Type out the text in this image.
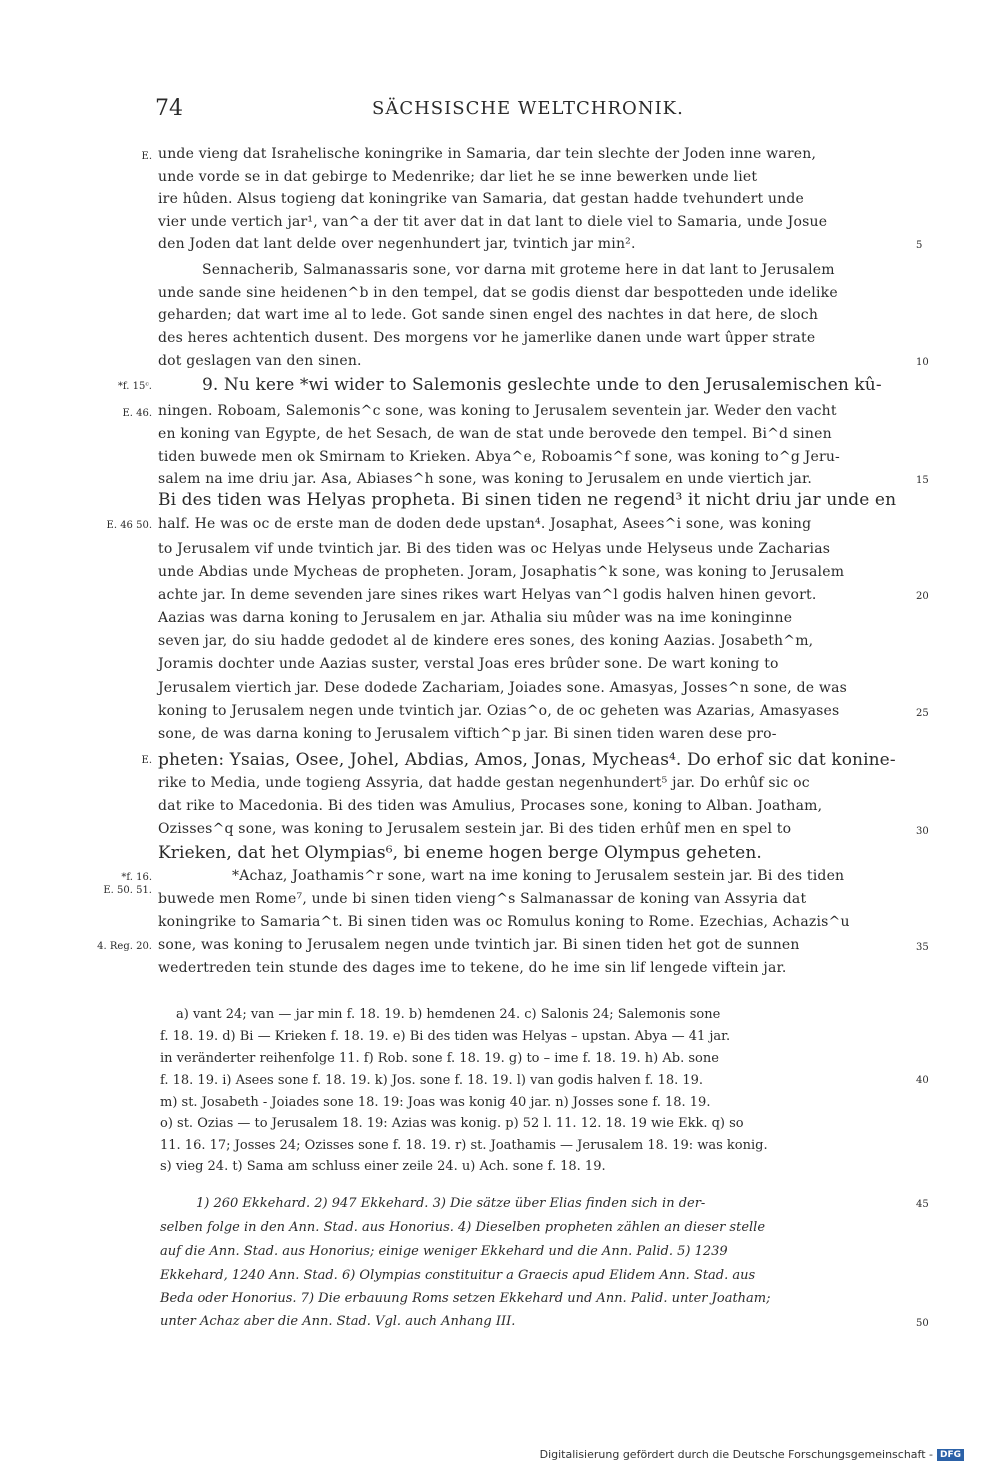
74	SÄCHSISCHE WELTCHRONIK.
unde vieng dat Israhelische koningrike in Samaria, dar tein slechte der Joden inne waren,
unde vorde se in dat gebirge to Medenrike; dar liet he se inne bewerken unde liet
ire hûden. Alsus togieng dat koningrike van Samaria, dat gestan hadde tvehundert unde
vier unde vertich jar¹, van^a der tit aver dat in dat lant to diele viel to Samaria, unde Josue
den Joden dat lant delde over negenhundert jar, tvintich jar min².
Sennacherib, Salmanassaris sone, vor darna mit groteme here in dat lant to Jerusalem
unde sande sine heidenen^b in den tempel, dat se godis dienst dar bespotteden unde idelike
geharden; dat wart ime al to lede. Got sande sinen engel des nachtes in dat here, de sloch
des heres achtentich dusent. Des morgens vor he jamerlike danen unde wart ûpper strate
dot geslagen van den sinen.
9. Nu kere *wi wider to Salemonis geslechte unde to den Jerusalemischen kû-
ningen. Roboam, Salemonis^c sone, was koning to Jerusalem seventein jar. Weder den vacht
en koning van Egypte, de het Sesach, de wan de stat unde berovede den tempel. Bi^d sinen
tiden buwede men ok Smirnam to Krieken. Abya^e, Roboamis^f sone, was koning to^g Jeru-
salem na ime driu jar. Asa, Abiases^h sone, was koning to Jerusalem en unde viertich jar.
Bi des tiden was Helyas propheta. Bi sinen tiden ne regend³ it nicht driu jar unde en
half. He was oc de erste man de doden dede upstan⁴. Josaphat, Asees^i sone, was koning
to Jerusalem vif unde tvintich jar. Bi des tiden was oc Helyas unde Helyseus unde Zacharias
unde Abdias unde Mycheas de propheten. Joram, Josaphatis^k sone, was koning to Jerusalem
achte jar. In deme sevenden jare sines rikes wart Helyas van^l godis halven hinen gevort.
Aazias was darna koning to Jerusalem en jar. Athalia siu mûder was na ime koninginne
seven jar, do siu hadde gedodet al de kindere eres sones, des koning Aazias. Josabeth^m,
Joramis dochter unde Aazias suster, verstal Joas eres brûder sone. De wart koning to
Jerusalem viertich jar. Dese dodede Zachariam, Joiades sone. Amasyas, Josses^n sone, de was
koning to Jerusalem negen unde tvintich jar. Ozias^o, de oc geheten was Azarias, Amasyases
sone, de was darna koning to Jerusalem viftich^p jar. Bi sinen tiden waren dese pro-
pheten: Ysaias, Osee, Johel, Abdias, Amos, Jonas, Mycheas⁴. Do erhof sic dat konine-
rike to Media, unde togieng Assyria, dat hadde gestan negenhundert⁵ jar. Do erhûf sic oc
dat rike to Macedonia. Bi des tiden was Amulius, Procases sone, koning to Alban. Joatham,
Ozisses^q sone, was koning to Jerusalem sestein jar. Bi des tiden erhûf men en spel to
Krieken, dat het Olympias⁶, bi eneme hogen berge Olympus geheten.
*Achaz, Joathamis^r sone, wart na ime koning to Jerusalem sestein jar. Bi des tiden
buwede men Rome⁷, unde bi sinen tiden vieng^s Salmanassar de koning van Assyria dat
koningrike to Samaria^t. Bi sinen tiden was oc Romulus koning to Rome. Ezechias, Achazis^u
sone, was koning to Jerusalem negen unde tvintich jar. Bi sinen tiden het got de sunnen
wedertreden tein stunde des dages ime to tekene, do he ime sin lif lengede viftein jar.
E.
*f. 15ᶜ.
E. 46.
E. 46 50.
E.
*f. 16.
E. 50. 51.
4. Reg. 20.
5
10
15
20
25
30
35
40
45
50
a) vant 24; van — jar min f. 18. 19. b) hemdenen 24. c) Salonis 24; Salemonis sone
f. 18. 19. d) Bi — Krieken f. 18. 19. e) Bi des tiden was Helyas – upstan. Abya — 41 jar.
in veränderter reihenfolge 11. f) Rob. sone f. 18. 19. g) to – ime f. 18. 19. h) Ab. sone
f. 18. 19. i) Asees sone f. 18. 19. k) Jos. sone f. 18. 19. l) van godis halven f. 18. 19.
m) st. Josabeth - Joiades sone 18. 19: Joas was konig 40 jar. n) Josses sone f. 18. 19.
o) st. Ozias — to Jerusalem 18. 19: Azias was konig. p) 52 l. 11. 12. 18. 19 wie Ekk. q) so
11. 16. 17; Josses 24; Ozisses sone f. 18. 19. r) st. Joathamis — Jerusalem 18. 19: was konig.
s) vieg 24. t) Sama am schluss einer zeile 24. u) Ach. sone f. 18. 19.
1) 260 Ekkehard. 2) 947 Ekkehard. 3) Die sätze über Elias finden sich in der-
selben folge in den Ann. Stad. aus Honorius. 4) Dieselben propheten zählen an dieser stelle
auf die Ann. Stad. aus Honorius; einige weniger Ekkehard und die Ann. Palid. 5) 1239
Ekkehard, 1240 Ann. Stad. 6) Olympias constituitur a Graecis apud Elidem Ann. Stad. aus
Beda oder Honorius. 7) Die erbauung Roms setzen Ekkehard und Ann. Palid. unter Joatham;
unter Achaz aber die Ann. Stad. Vgl. auch Anhang III.
Digitalisierung gefördert durch die Deutsche Forschungsgemeinschaft - DFG
